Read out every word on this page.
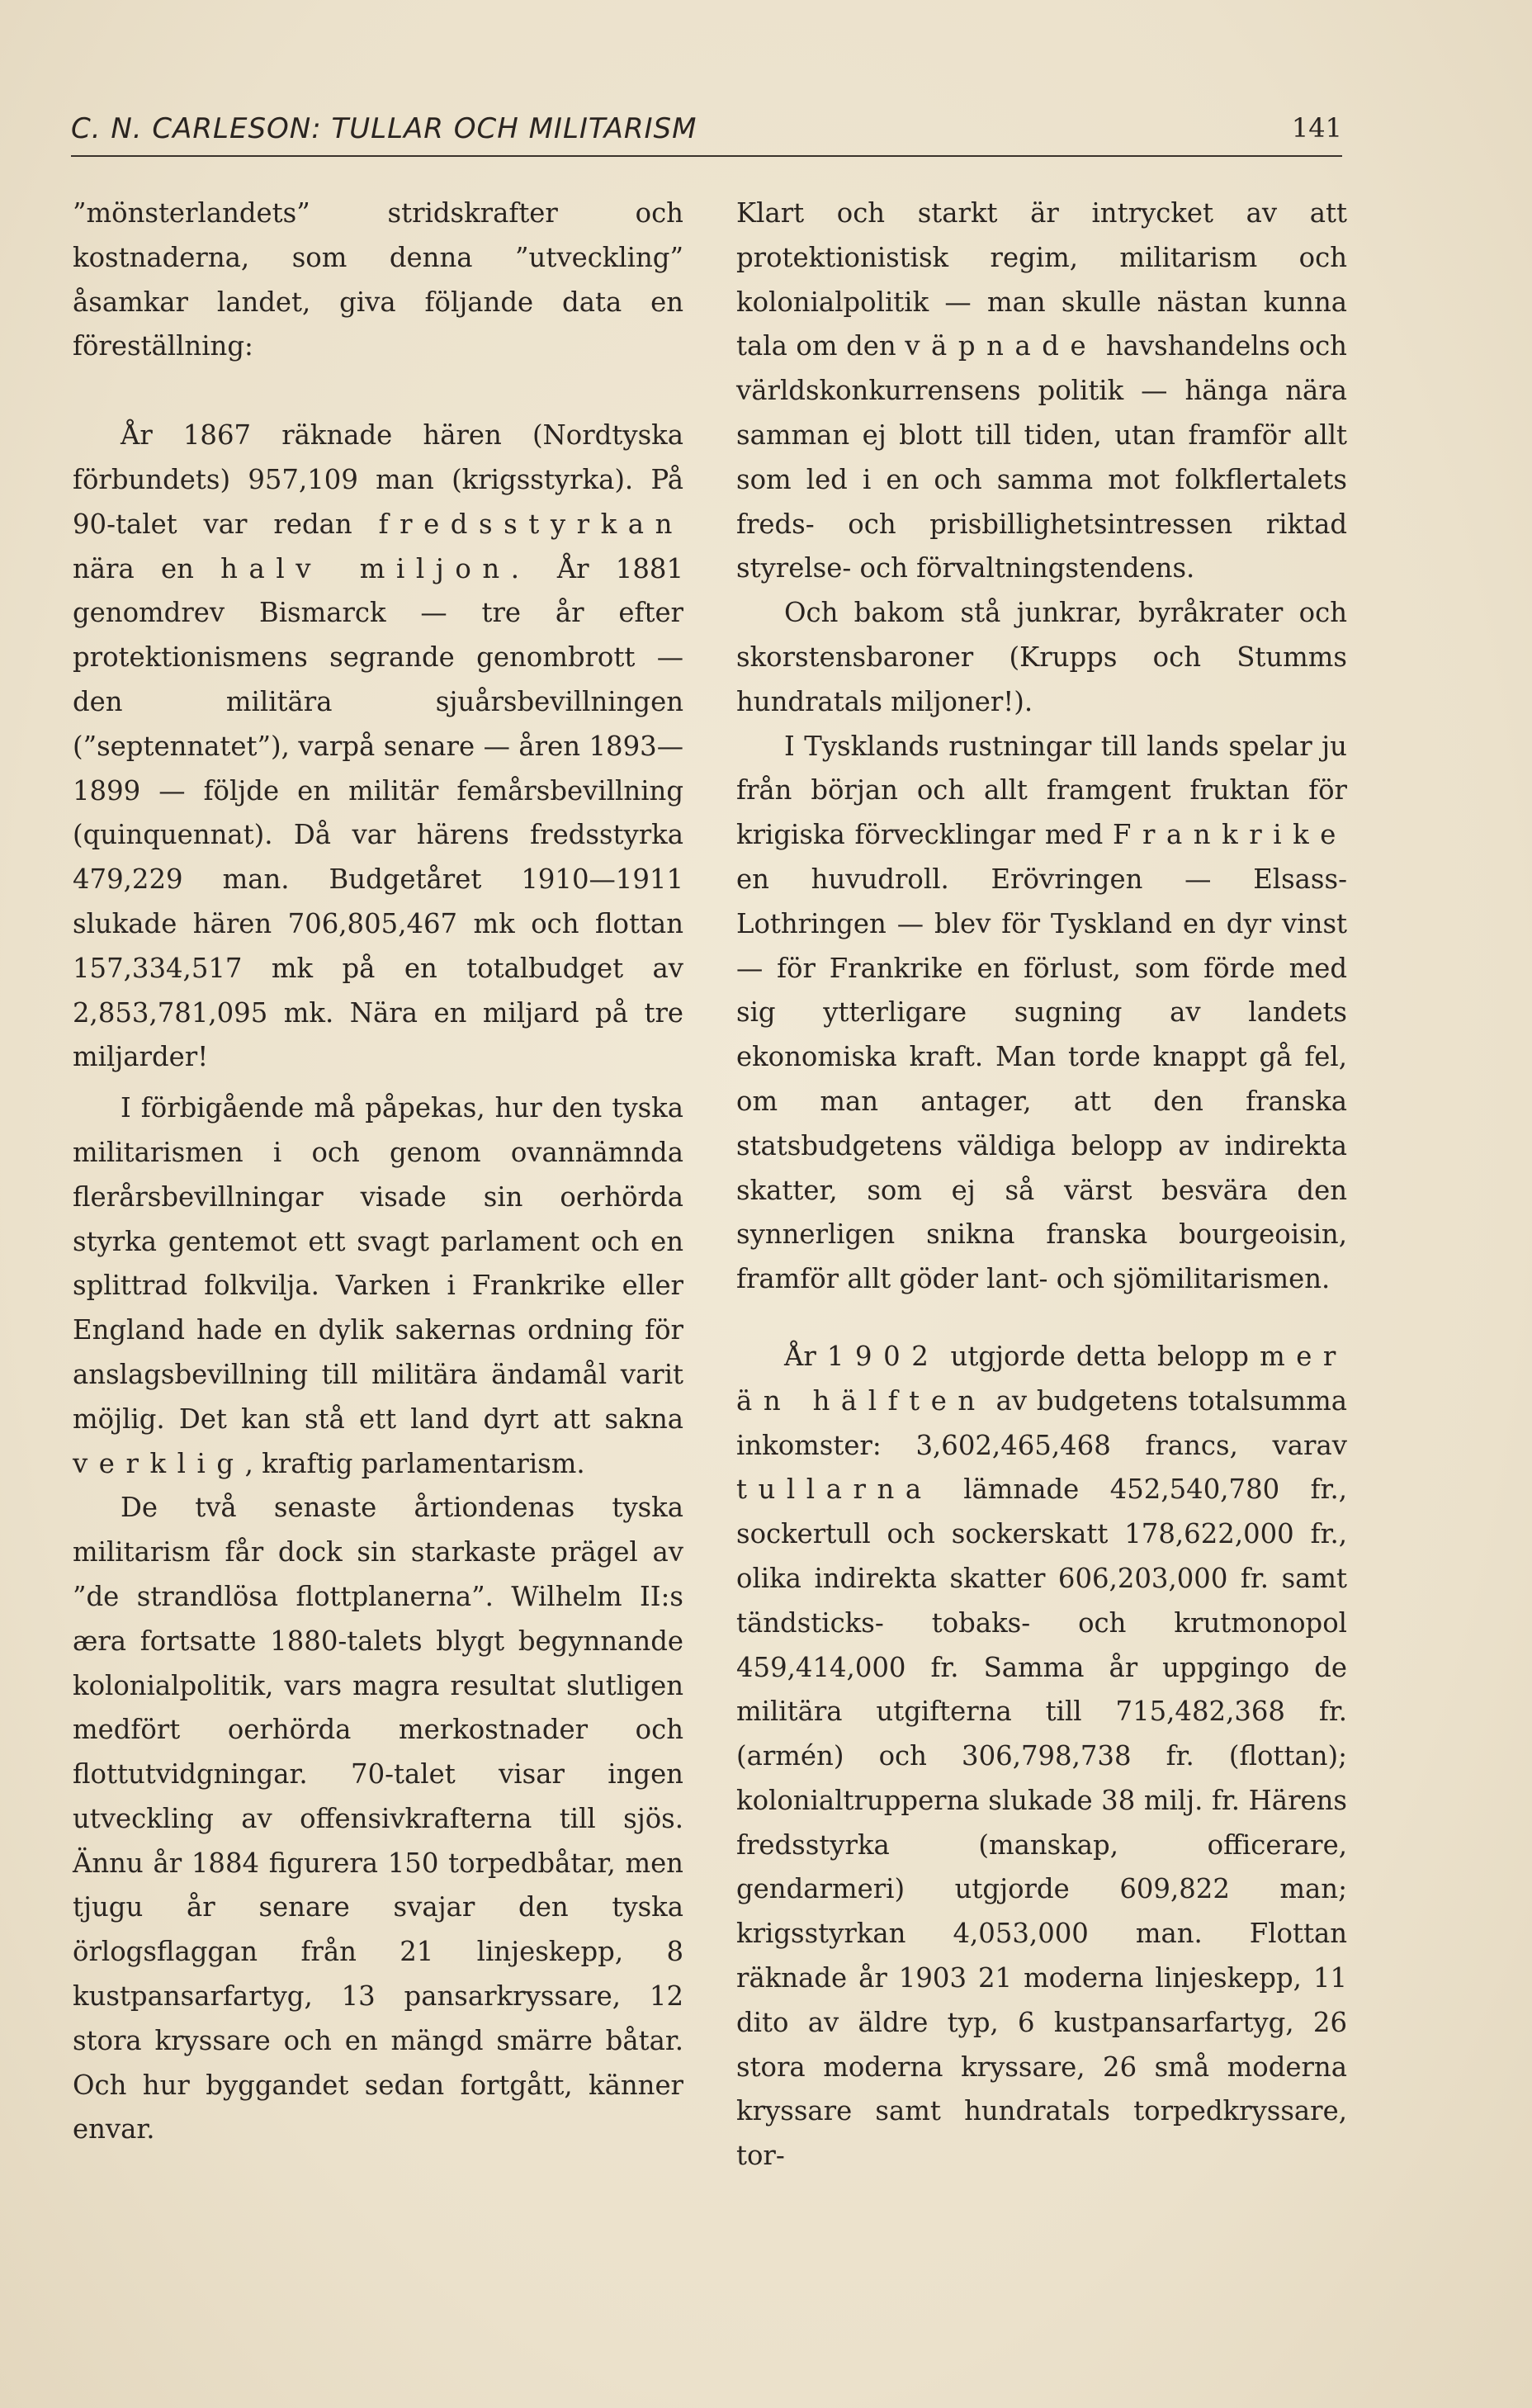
C. N. CARLESON: TULLAR OCH MILITARISM	141

”mönsterlandets” stridskrafter och kostnaderna, som denna ”utveckling” åsamkar landet, giva följande data en föreställning:

År 1867 räknade hären (Nordtyska förbundets) 957,109 man (krigsstyrka). På 90-talet var redan fredsstyrkan nära en halv miljon. År 1881 genomdrev Bismarck — tre år efter protektionismens segrande genombrott — den militära sjuårsbevillningen (”septennatet”), varpå senare — åren 1893—1899 — följde en militär femårsbevillning (quinquennat). Då var härens fredsstyrka 479,229 man. Budgetåret 1910—1911 slukade hären 706,805,467 mk och flottan 157,334,517 mk på en totalbudget av 2,853,781,095 mk. Nära en miljard på tre miljarder!

I förbigående må påpekas, hur den tyska militarismen i och genom ovannämnda flerårsbevillningar visade sin oerhörda styrka gentemot ett svagt parlament och en splittrad folkvilja. Varken i Frankrike eller England hade en dylik sakernas ordning för anslagsbevillning till militära ändamål varit möjlig. Det kan stå ett land dyrt att sakna verklig, kraftig parlamentarism.

De två senaste årtiondenas tyska militarism får dock sin starkaste prägel av ”de strandlösa flottplanerna”. Wilhelm II:s æra fortsatte 1880-talets blygt begynnande kolonialpolitik, vars magra resultat slutligen medfört oerhörda merkostnader och flottutvidgningar. 70-talet visar ingen utveckling av offensivkrafterna till sjös. Ännu år 1884 figurera 150 torpedbåtar, men tjugu år senare svajar den tyska örlogsflaggan från 21 linjeskepp, 8 kustpansarfartyg, 13 pansarkryssare, 12 stora kryssare och en mängd smärre båtar. Och hur byggandet sedan fortgått, känner envar.

Klart och starkt är intrycket av att protektionistisk regim, militarism och kolonialpolitik — man skulle nästan kunna tala om den väpnade havshandelns och världskonkurrensens politik — hänga nära samman ej blott till tiden, utan framför allt som led i en och samma mot folkflertalets freds- och prisbillighetsintressen riktad styrelse- och förvaltningstendens.

Och bakom stå junkrar, byråkrater och skorstensbaroner (Krupps och Stumms hundratals miljoner!).

I Tysklands rustningar till lands spelar ju från början och allt framgent fruktan för krigiska förvecklingar med Frankrike en huvudroll. Erövringen — Elsass-Lothringen — blev för Tyskland en dyr vinst — för Frankrike en förlust, som förde med sig ytterligare sugning av landets ekonomiska kraft. Man torde knappt gå fel, om man antager, att den franska statsbudgetens väldiga belopp av indirekta skatter, som ej så värst besvära den synnerligen snikna franska bourgeoisin, framför allt göder lant- och sjömilitarismen.

År 1902 utgjorde detta belopp mer än hälften av budgetens totalsumma inkomster: 3,602,465,468 francs, varav tullarna lämnade 452,540,780 fr., sockertull och sockerskatt 178,622,000 fr., olika indirekta skatter 606,203,000 fr. samt tändsticks- tobaks- och krutmonopol 459,414,000 fr. Samma år uppgingo de militära utgifterna till 715,482,368 fr. (armén) och 306,798,738 fr. (flottan); kolonialtrupperna slukade 38 milj. fr. Härens fredsstyrka (manskap, officerare, gendarmeri) utgjorde 609,822 man; krigsstyrkan 4,053,000 man. Flottan räknade år 1903 21 moderna linjeskepp, 11 dito av äldre typ, 6 kustpansarfartyg, 26 stora moderna kryssare, 26 små moderna kryssare samt hundratals torpedkryssare, tor-
